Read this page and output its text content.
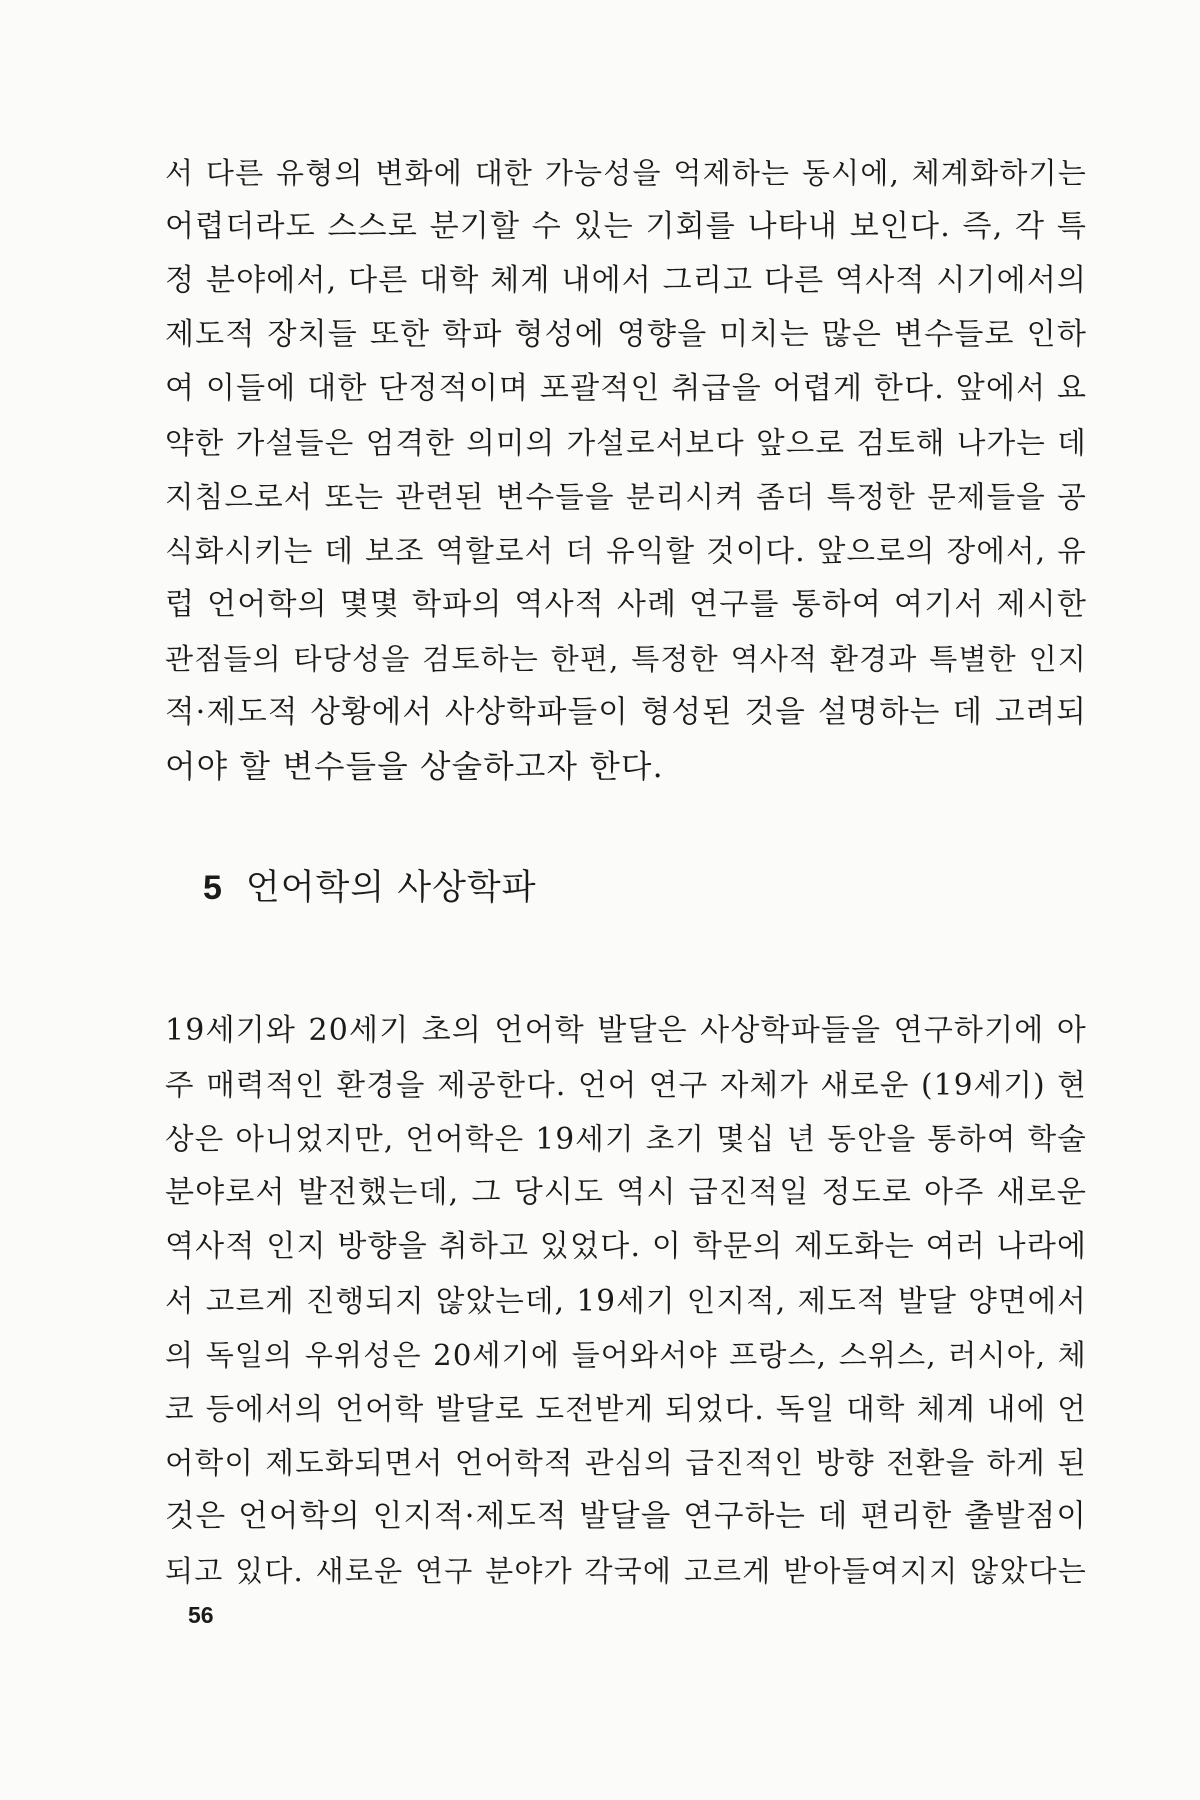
서 다른 유형의 변화에 대한 가능성을 억제하는 동시에, 체계화하기는
어렵더라도 스스로 분기할 수 있는 기회를 나타내 보인다. 즉, 각 특
정 분야에서, 다른 대학 체계 내에서 그리고 다른 역사적 시기에서의
제도적 장치들 또한 학파 형성에 영향을 미치는 많은 변수들로 인하
여 이들에 대한 단정적이며 포괄적인 취급을 어렵게 한다. 앞에서 요
약한 가설들은 엄격한 의미의 가설로서보다 앞으로 검토해 나가는 데
지침으로서 또는 관련된 변수들을 분리시켜 좀더 특정한 문제들을 공
식화시키는 데 보조 역할로서 더 유익할 것이다. 앞으로의 장에서, 유
럽 언어학의 몇몇 학파의 역사적 사례 연구를 통하여 여기서 제시한
관점들의 타당성을 검토하는 한편, 특정한 역사적 환경과 특별한 인지
적·제도적 상황에서 사상학파들이 형성된 것을 설명하는 데 고려되
어야 할 변수들을 상술하고자 한다.
5 언어학의 사상학파
19세기와 20세기 초의 언어학 발달은 사상학파들을 연구하기에 아
주 매력적인 환경을 제공한다. 언어 연구 자체가 새로운 (19세기) 현
상은 아니었지만, 언어학은 19세기 초기 몇십 년 동안을 통하여 학술
분야로서 발전했는데, 그 당시도 역시 급진적일 정도로 아주 새로운
역사적 인지 방향을 취하고 있었다. 이 학문의 제도화는 여러 나라에
서 고르게 진행되지 않았는데, 19세기 인지적, 제도적 발달 양면에서
의 독일의 우위성은 20세기에 들어와서야 프랑스, 스위스, 러시아, 체
코 등에서의 언어학 발달로 도전받게 되었다. 독일 대학 체계 내에 언
어학이 제도화되면서 언어학적 관심의 급진적인 방향 전환을 하게 된
것은 언어학의 인지적·제도적 발달을 연구하는 데 편리한 출발점이
되고 있다. 새로운 연구 분야가 각국에 고르게 받아들여지지 않았다는
56
